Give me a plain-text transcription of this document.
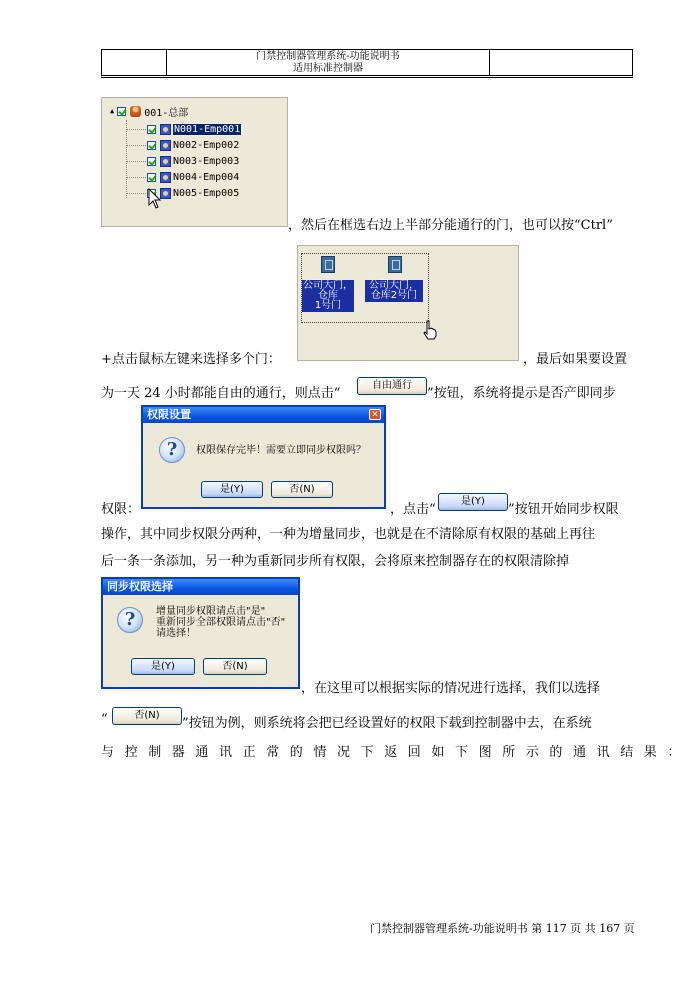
门禁控制器管理系统-功能说明书
适用标准控制器
▲	001-总部
N001-Emp001
N002-Emp002
N003-Emp003
N004-Emp004
N005-Emp005
，然后在框选右边上半部分能通行的门，也可以按“Ctrl”
公司大门，
仓库
1号门
公司大门，
仓库2号门
+点击鼠标左键来选择多个门：	，最后如果要设置
为一天 24 小时都能自由的通行，则点击“
自由通行
”按钮，系统将提示是否产即同步
权限设置	✕
?	权限保存完毕！需要立即同步权限吗？
是(Y)	否(N)
权限：	，点击“
是(Y)
”按钮开始同步权限
操作，其中同步权限分两种，一种为增量同步，也就是在不清除原有权限的基础上再往
后一条一条添加，另一种为重新同步所有权限，会将原来控制器存在的权限清除掉
同步权限选择
?	增量同步权限请点击"是"
重新同步全部权限请点击"否"
请选择！
是(Y)	否(N)
，在这里可以根据实际的情况进行选择，我们以选择
“	否(N)
”按钮为例，则系统将会把已经设置好的权限下载到控制器中去，在系统
与控制器通讯正常的情况下返回如下图所示的通讯结果：
门禁控制器管理系统-功能说明书 第 117 页 共 167 页
